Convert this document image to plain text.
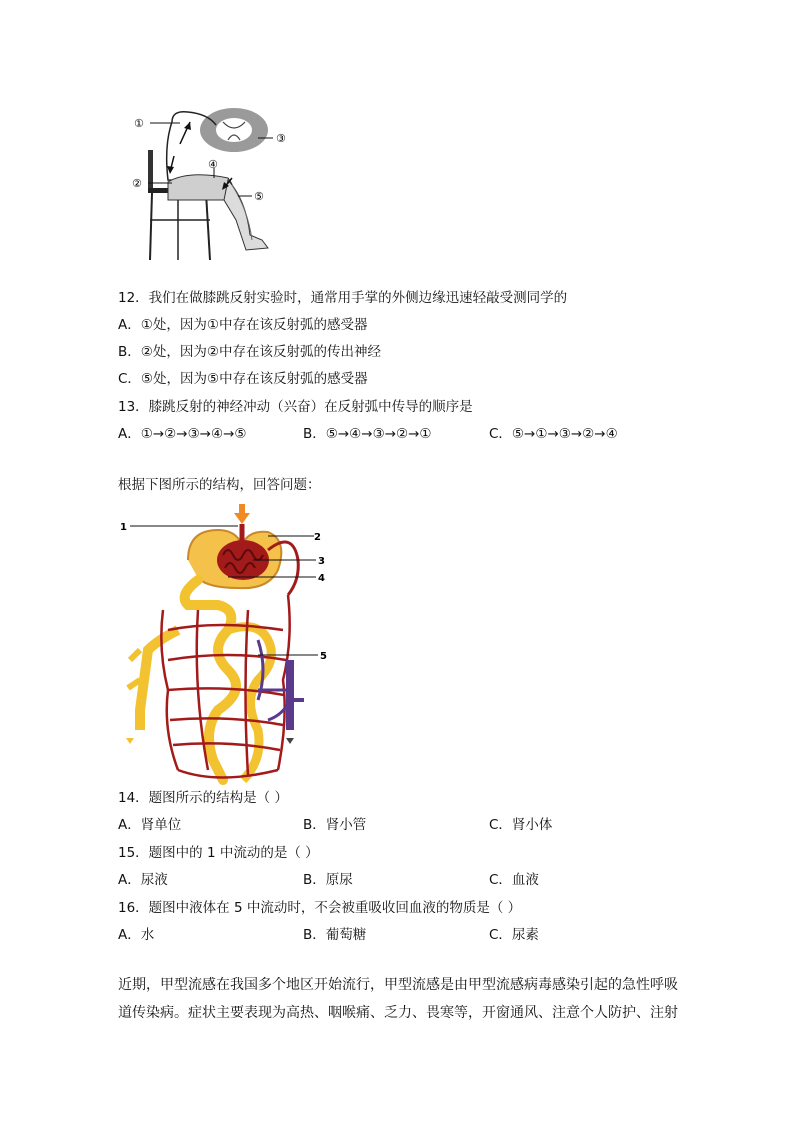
①
②
③
④
⑤
12．我们在做膝跳反射实验时，通常用手掌的外侧边缘迅速轻敲受测同学的
A．①处，因为①中存在该反射弧的感受器
B．②处，因为②中存在该反射弧的传出神经
C．⑤处，因为⑤中存在该反射弧的感受器
13．膝跳反射的神经冲动（兴奋）在反射弧中传导的顺序是
A．①→②→③→④→⑤	B．⑤→④→③→②→①	C．⑤→①→③→②→④
根据下图所示的结构，回答问题：
1
2
3
4
5
14．题图所示的结构是（ ）
A．肾单位	B．肾小管	C．肾小体
15．题图中的 1 中流动的是（ ）
A．尿液	B．原尿	C．血液
16．题图中液体在 5 中流动时，不会被重吸收回血液的物质是（ ）
A．水	B．葡萄糖	C．尿素
近期，甲型流感在我国多个地区开始流行，甲型流感是由甲型流感病毒感染引起的急性呼吸
道传染病。症状主要表现为高热、咽喉痛、乏力、畏寒等，开窗通风、注意个人防护、注射
